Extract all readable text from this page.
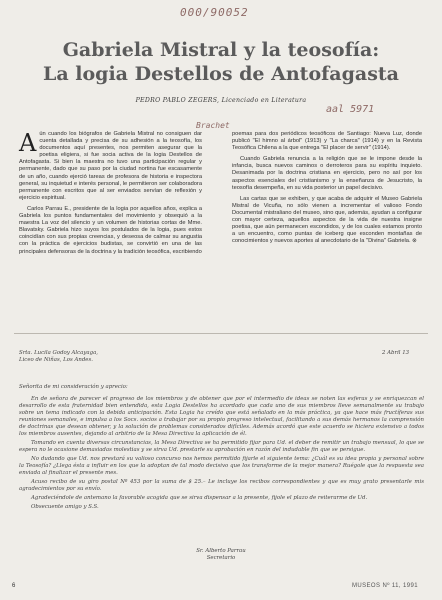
000/90052
aal 5971
Brachet
Gabriela Mistral y la teosofía:
La logia Destellos de Antofagasta
PEDRO PABLO ZEGERS, Licenciado en Literatura
A ún cuando los biógrafos de Gabriela Mistral no consiguen dar cuenta detallada y precisa de su adhesión a la teosofía, los documentos aquí presentes, nos permiten asegurar que la poetisa eligiera, si fue socia activa de la logia Destellos de Antofagasta. Si bien la maestra no tuvo una participación regular y permanente, dado que su paso por la ciudad nortina fue escasamente de un año, cuando ejerció tareas de profesora de historia e inspectora general, su inquietud e interés personal, le permitieron ser colaboradora permanente con escritos que al ser enviados servían de reflexión y ejercicio espiritual.

Carlos Parrau E., presidente de la logia por aquellos años, explica a Gabriela los puntos fundamentales del movimiento y obsequió a la maestra La voz del silencio y un volumen de historias cortas de Mme. Blavatsky. Gabriela hizo suyos los postulados de la logia, pues estos coincidían con sus propias creencias, y deseosa de calmar su angustia con la práctica de ejercicios budistas, se convirtió en una de las principales defensoras de la doctrina y la tradición teosófica, escribiendo

poemas para dos periódicos teosóficos de Santiago: Nueva Luz, donde publicó "El himno al árbol" (1913) y "La charca" (1914) y en la Revista Teosófica Chilena a la que entrega "El placer de servir" (1914).

Cuando Gabriela renuncia a la religión que se le impone desde la infancia, busca nuevos caminos o derroteros para su espíritu inquieto. Desanimada por la doctrina cristiana en ejercicio, pero no así por los aspectos esenciales del cristianismo y la enseñanza de Jesucristo, la teosofía desempeña, en su vida posterior un papel decisivo.

Las cartas que se exhiben, y que acaba de adquirir el Museo Gabriela Mistral de Vicuña, no sólo vienen a incrementar el valioso Fondo Documental mistraliano del museo, sino que, además, ayudan a configurar con mayor certeza, aquellos aspectos de la vida de nuestra insigne poetisa, que aún permanecen escondidos, y de los cuales estamos pronto a un encuentro, como puntas de iceberg que esconden montañas de conocimientos y nuevos aportes al anecdotario de la "Divina" Gabriela. ⊗

Srta. Lucila Godoy Alcayaga,
Liceo de Niñas, Los Andes.
2 Abril 13
Señorita de mi consideración y aprecio:

En de señora de parecer el progreso de los miembros y de obtener que por el intermedio de ideas se noten las esferas y se enriquezcan el desarrollo de esta fraternidad bien entendida, esta Logia Destellos ha acordado que cada uno de sus miembros lleve semanalmente su trabajo sobre un tema indicado con la debida anticipación. Esta Logia ha creído que está señalado en la más práctica, ya que hace más fructíferas sus reuniones semanales, e impulsa a los Socs. socios a trabajar por su propio progreso intelectual, facilitando a sus demás hermanos la comprensión de doctrinas que desean obtener, y la solución de problemas considerados difíciles. Además acordó que este acuerdo se hiciera extensivo a todos los miembros ausentes, dejando al arbitrio de la Mesa Directiva la aplicación de él.

Tomando en cuenta diversas circunstancias, la Mesa Directiva se ha permitido fijar para Ud. el deber de remitir un trabajo mensual, lo que se espera no le ocasione demasiadas molestias y se sirva Ud. prestarle su aprobación en razón del indudable fin que se persigue.

No dudando que Ud. nos prestará su valioso concurso nos hemos permitido fijarle el siguiente tema: ¿Cuál es su idea propia y personal sobre la Teosofía? ¿Llega ésta a influir en los que la adoptan de tal modo decisivo que los transforme de la mejor manera? Ruégole que la respuesta sea enviada al finalizar el presente mes.

Acuso recibo de su giro postal Nº 453 por la suma de $ 25.– Le incluye los recibos correspondientes y que es muy grato presentarle mis agradecimientos por su envío.

Agradeciéndole de antemano la favorable acogida que se sirva dispensar a la presente, fijole el plazo de reiterarme de Ud.

Obsecuente amigo y S.S.

Sr. Alberto Parrau
Secretario
6	MUSEOS Nº 11, 1991
